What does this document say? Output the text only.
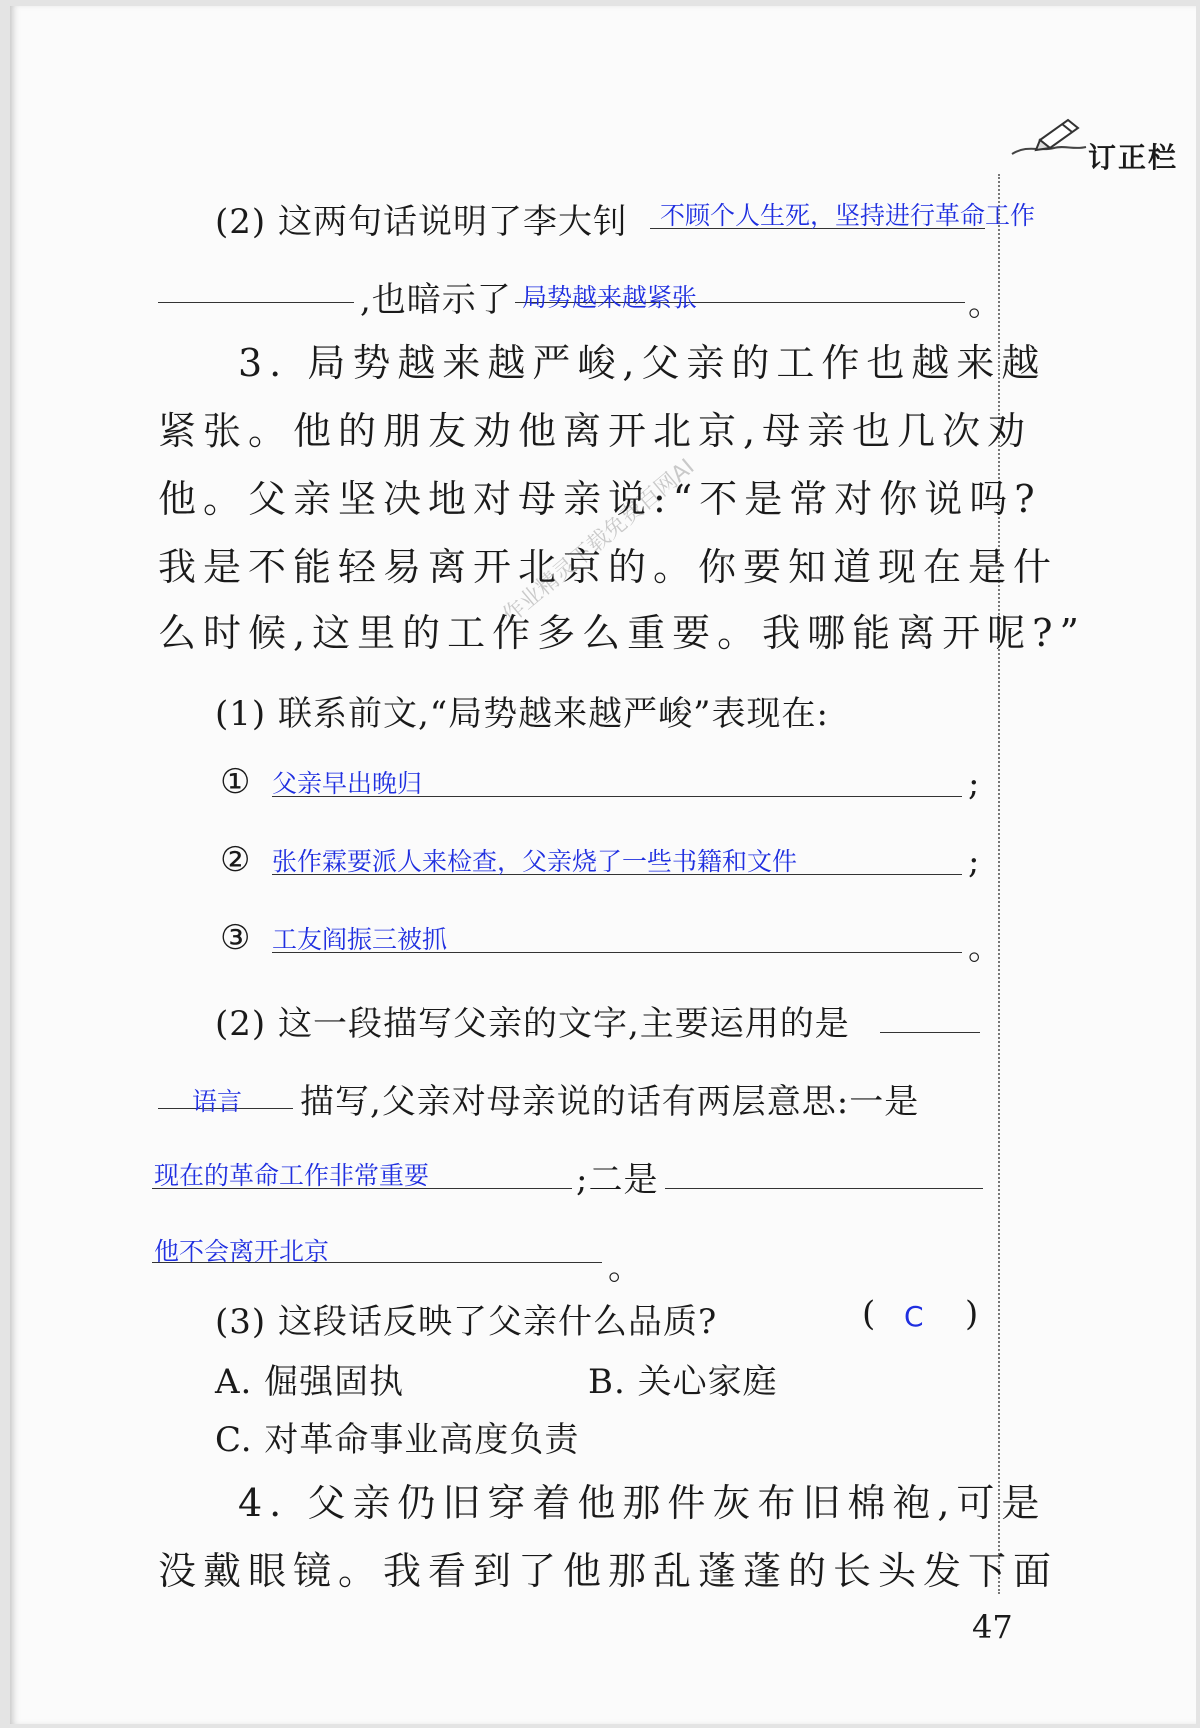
订正栏
作业精灵下载免费百网AI
(2) 这两句话说明了李大钊 不顾个人生死，坚持进行革命工作
,也暗示了 局势越来越紧张	。
3. 局势越来越严峻,父亲的工作也越来越
紧张。他的朋友劝他离开北京,母亲也几次劝
他。父亲坚决地对母亲说:“不是常对你说吗?
我是不能轻易离开北京的。你要知道现在是什
么时候,这里的工作多么重要。我哪能离开呢?”
(1) 联系前文,“局势越来越严峻”表现在:
① 父亲早出晚归	;
② 张作霖要派人来检查，父亲烧了一些书籍和文件	;
③ 工友阎振三被抓	。
(2) 这一段描写父亲的文字,主要运用的是
语言 描写,父亲对母亲说的话有两层意思:一是
现在的革命工作非常重要	;二是
他不会离开北京	。
(3) 这段话反映了父亲什么品质?	( C )
A. 倔强固执	B. 关心家庭
C. 对革命事业高度负责
4. 父亲仍旧穿着他那件灰布旧棉袍,可是
没戴眼镜。我看到了他那乱蓬蓬的长头发下面
47
